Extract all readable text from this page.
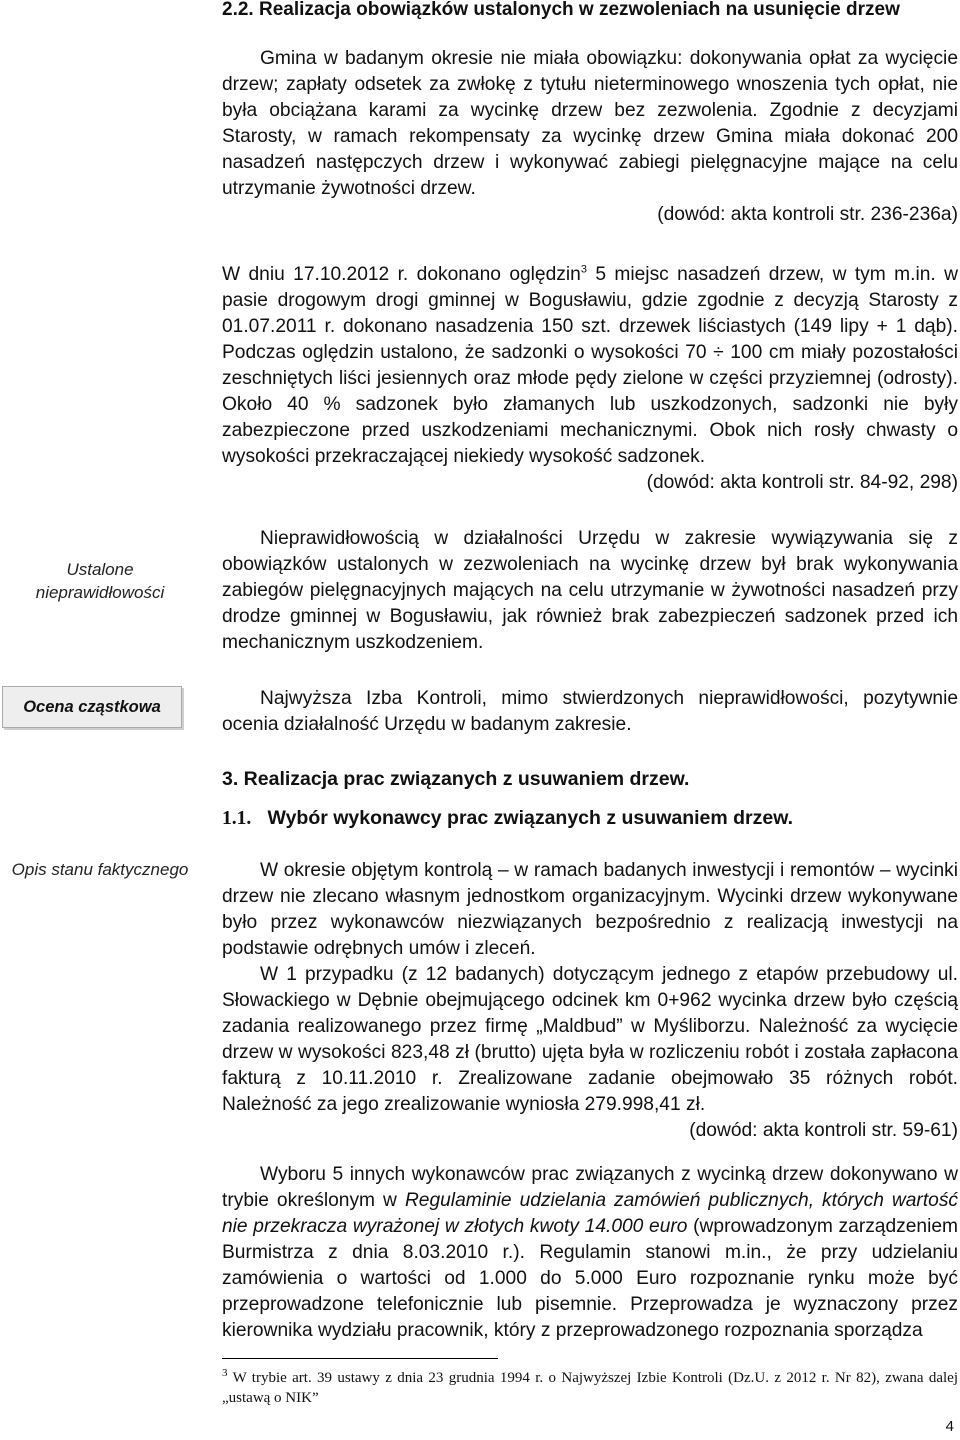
2.2. Realizacja obowiązków ustalonych w zezwoleniach na usunięcie drzew

Gmina w badanym okresie nie miała obowiązku: dokonywania opłat za wycięcie drzew; zapłaty odsetek za zwłokę z tytułu nieterminowego wnoszenia tych opłat, nie była obciążana karami za wycinkę drzew bez zezwolenia. Zgodnie z decyzjami Starosty, w ramach rekompensaty za wycinkę drzew Gmina miała dokonać 200 nasadzeń następczych drzew i wykonywać zabiegi pielęgnacyjne mające na celu utrzymanie żywotności drzew.

(dowód: akta kontroli str. 236-236a)

W dniu 17.10.2012 r. dokonano oględzin$^3$ 5 miejsc nasadzeń drzew, w tym m.in. w pasie drogowym drogi gminnej w Bogusławiu, gdzie zgodnie z decyzją Starosty z 01.07.2011 r. dokonano nasadzenia 150 szt. drzewek liściastych (149 lipy + 1 dąb). Podczas oględzin ustalono, że sadzonki o wysokości 70 ÷ 100 cm miały pozostałości zeschniętych liści jesiennych oraz młode pędy zielone w części przyziemnej (odrosty). Około 40 % sadzonek było złamanych lub uszkodzonych, sadzonki nie były zabezpieczone przed uszkodzeniami mechanicznymi. Obok nich rosły chwasty o wysokości przekraczającej niekiedy wysokość sadzonek.

(dowód: akta kontroli str. 84-92, 298)
Ustalone nieprawidłowości
Ocena cząstkowa
Opis stanu faktycznego

Nieprawidłowością w działalności Urzędu w zakresie wywiązywania się z obowiązków ustalonych w zezwoleniach na wycinkę drzew był brak wykonywania zabiegów pielęgnacyjnych mających na celu utrzymanie w żywotności nasadzeń przy drodze gminnej w Bogusławiu, jak również brak zabezpieczeń sadzonek przed ich mechanicznym uszkodzeniem.

Najwyższa Izba Kontroli, mimo stwierdzonych nieprawidłowości, pozytywnie ocenia działalność Urzędu w badanym zakresie.

3. Realizacja prac związanych z usuwaniem drzew.
1.1. Wybór wykonawcy prac związanych z usuwaniem drzew.

W okresie objętym kontrolą – w ramach badanych inwestycji i remontów – wycinki drzew nie zlecano własnym jednostkom organizacyjnym. Wycinki drzew wykonywane było przez wykonawców niezwiązanych bezpośrednio z realizacją inwestycji na podstawie odrębnych umów i zleceń.

W 1 przypadku (z 12 badanych) dotyczącym jednego z etapów przebudowy ul. Słowackiego w Dębnie obejmującego odcinek km 0+962 wycinka drzew było częścią zadania realizowanego przez firmę „Maldbud” w Myśliborzu. Należność za wycięcie drzew w wysokości 823,48 zł (brutto) ujęta była w rozliczeniu robót i została zapłacona fakturą z 10.11.2010 r. Zrealizowane zadanie obejmowało 35 różnych robót. Należność za jego zrealizowanie wyniosła 279.998,41 zł.

(dowód: akta kontroli str. 59-61)

Wyboru 5 innych wykonawców prac związanych z wycinką drzew dokonywano w trybie określonym w Regulaminie udzielania zamówień publicznych, których wartość nie przekracza wyrażonej w złotych kwoty 14.000 euro (wprowadzonym zarządzeniem Burmistrza z dnia 8.03.2010 r.). Regulamin stanowi m.in., że przy udzielaniu zamówienia o wartości od 1.000 do 5.000 Euro rozpoznanie rynku może być przeprowadzone telefonicznie lub pisemnie. Przeprowadza je wyznaczony przez kierownika wydziału pracownik, który z przeprowadzonego rozpoznania sporządza

$^3$ W trybie art. 39 ustawy z dnia 23 grudnia 1994 r. o Najwyższej Izbie Kontroli (Dz.U. z 2012 r. Nr 82), zwana dalej „ustawą o NIK”
4
